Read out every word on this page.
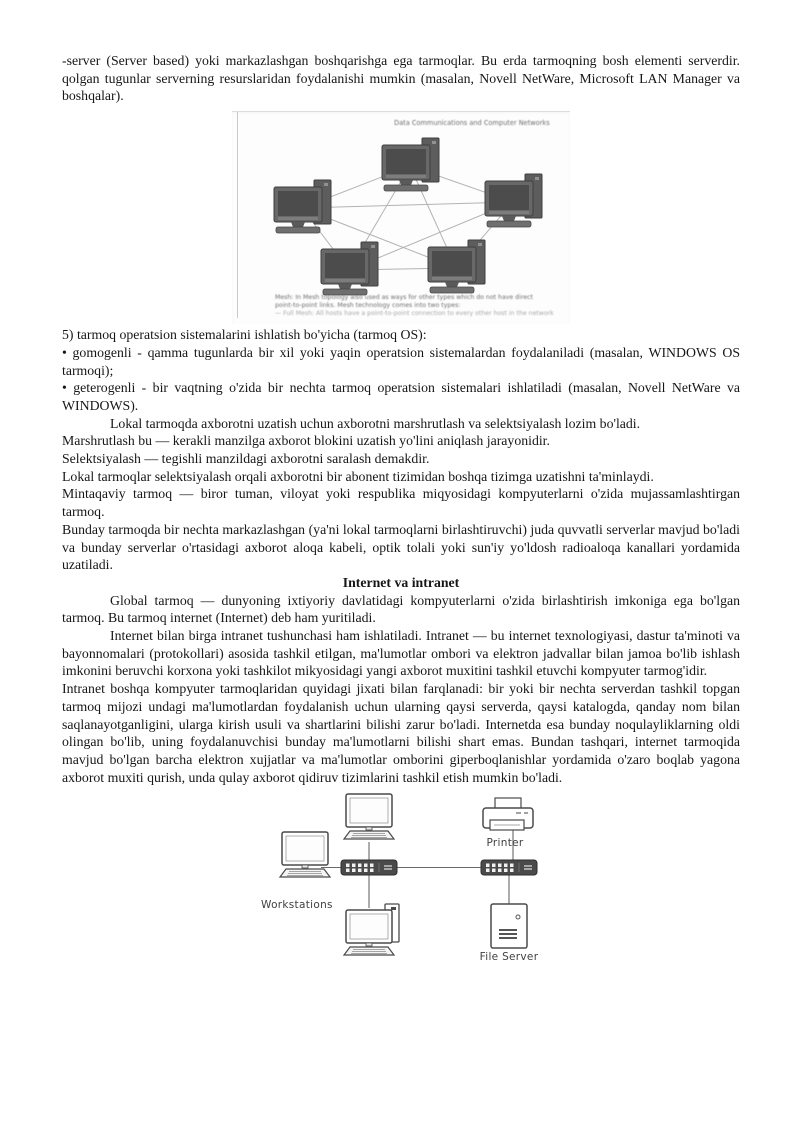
-server (Server based) yoki markazlashgan boshqarishga ega tarmoqlar. Bu erda tarmoqning bosh elementi serverdir. qolgan tugunlar serverning resurslaridan foydalanishi mumkin (masalan, Novell NetWare, Microsoft LAN Manager va boshqalar).

Data Communications and Computer Networks
Mesh: In Mesh topology also used as ways for other types which do not have direct
point-to-point links. Mesh technology comes into two types:
— Full Mesh: All hosts have a point-to-point connection to every other host in the network

5) tarmoq operatsion sistemalarini ishlatish bo'yicha (tarmoq OS):

• gomogenli - qamma tugunlarda bir xil yoki yaqin operatsion sistemalardan foydalaniladi (masalan, WINDOWS OS tarmoqi);

• geterogenli - bir vaqtning o'zida bir nechta tarmoq operatsion sistemalari ishlatiladi (masalan, Novell NetWare va WINDOWS).

Lokal tarmoqda axborotni uzatish uchun axborotni marshrutlash va selektsiyalash lozim bo'ladi.

Marshrutlash bu — kerakli manzilga axborot blokini uzatish yo'lini aniqlash jarayonidir.

Selektsiyalash — tegishli manzildagi axborotni saralash demakdir.

Lokal tarmoqlar selektsiyalash orqali axborotni bir abonent tizimidan boshqa tizimga uzatishni ta'minlaydi.

Mintaqaviy tarmoq — biror tuman, viloyat yoki respublika miqyosidagi kompyuterlarni o'zida mujassamlashtirgan tarmoq.

Bunday tarmoqda bir nechta markazlashgan (ya'ni lokal tarmoqlarni birlashtiruvchi) juda quvvatli serverlar mavjud bo'ladi va bunday serverlar o'rtasidagi axborot aloqa kabeli, optik tolali yoki sun'iy yo'ldosh radioaloqa kanallari yordamida uzatiladi.

Internet va intranet

Global tarmoq — dunyoning ixtiyoriy davlatidagi kompyuterlarni o'zida birlashtirish imkoniga ega bo'lgan tarmoq. Bu tarmoq internet (Internet) deb ham yuritiladi.

Internet bilan birga intranet tushunchasi ham ishlatiladi. Intranet — bu internet texnologiyasi, dastur ta'minoti va bayonnomalari (protokollari) asosida tashkil etilgan, ma'lumotlar ombori va elektron jadvallar bilan jamoa bo'lib ishlash imkonini beruvchi korxona yoki tashkilot mikyosidagi yangi axborot muxitini tashkil etuvchi kompyuter tarmog'idir.

Intranet boshqa kompyuter tarmoqlaridan quyidagi jixati bilan farqlanadi: bir yoki bir nechta serverdan tashkil topgan tarmoq mijozi undagi ma'lumotlardan foydalanish uchun ularning qaysi serverda, qaysi katalogda, qanday nom bilan saqlanayotganligini, ularga kirish usuli va shartlarini bilishi zarur bo'ladi. Internetda esa bunday noqulayliklarning oldi olingan bo'lib, uning foydalanuvchisi bunday ma'lumotlarni bilishi shart emas. Bundan tashqari, internet tarmoqida mavjud bo'lgan barcha elektron xujjatlar va ma'lumotlar omborini giperboqlanishlar yordamida o'zaro boqlab yagona axborot muxiti qurish, unda qulay axborot qidiruv tizimlarini tashkil etish mumkin bo'ladi.

Workstations
Printer
File Server
